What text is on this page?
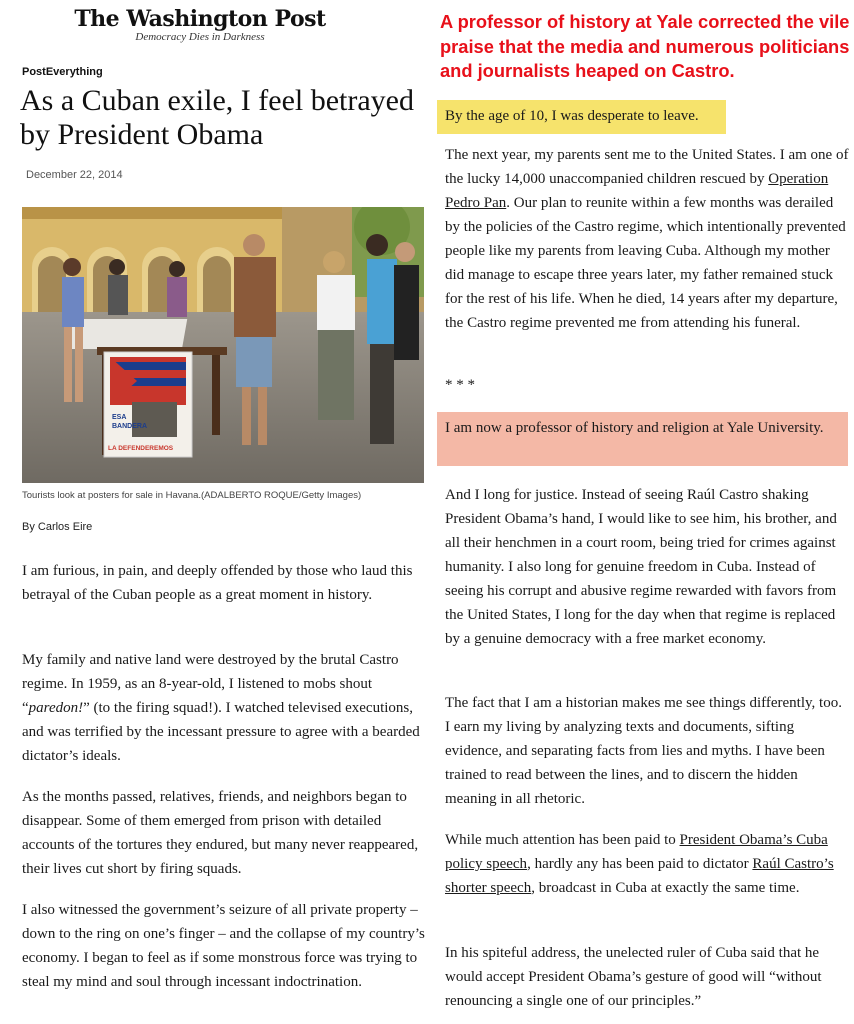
The Washington Post
Democracy Dies in Darkness
PostEverything
As a Cuban exile, I feel betrayed by President Obama
December 22, 2014
ESA
BANDERA
LA DEFENDEREMOS
Tourists look at posters for sale in Havana.(ADALBERTO ROQUE/Getty Images)
By Carlos Eire

I am furious, in pain, and deeply offended by those who laud this betrayal of the Cuban people as a great moment in history.

My family and native land were destroyed by the brutal Castro regime. In 1959, as an 8-year-old, I listened to mobs shout “paredon!” (to the firing squad!). I watched televised executions, and was terrified by the incessant pressure to agree with a bearded dictator’s ideals.

As the months passed, relatives, friends, and neighbors began to disappear. Some of them emerged from prison with detailed accounts of the tortures they endured, but many never reappeared, their lives cut short by firing squads.

I also witnessed the government’s seizure of all private property – down to the ring on one’s finger – and the collapse of my country’s economy. I began to feel as if some monstrous force was trying to steal my mind and soul through incessant indoctrination.

A professor of history at Yale corrected the vile praise that the media and numerous politicians and journalists heaped on Castro.

By the age of 10, I was desperate to leave.

The next year, my parents sent me to the United States. I am one of the lucky 14,000 unaccompanied children rescued by Operation Pedro Pan. Our plan to reunite within a few months was derailed by the policies of the Castro regime, which intentionally prevented people like my parents from leaving Cuba. Although my mother did manage to escape three years later, my father remained stuck for the rest of his life. When he died, 14 years after my departure, the Castro regime prevented me from attending his funeral.

* * *

I am now a professor of history and religion at Yale University.

And I long for justice. Instead of seeing Raúl Castro shaking President Obama’s hand, I would like to see him, his brother, and all their henchmen in a court room, being tried for crimes against humanity. I also long for genuine freedom in Cuba. Instead of seeing his corrupt and abusive regime rewarded with favors from the United States, I long for the day when that regime is replaced by a genuine democracy with a free market economy.

The fact that I am a historian makes me see things differently, too. I earn my living by analyzing texts and documents, sifting evidence, and separating facts from lies and myths. I have been trained to read between the lines, and to discern the hidden meaning in all rhetoric.

While much attention has been paid to President Obama’s Cuba policy speech, hardly any has been paid to dictator Raúl Castro’s shorter speech, broadcast in Cuba at exactly the same time.

In his spiteful address, the unelected ruler of Cuba said that he would accept President Obama’s gesture of good will “without renouncing a single one of our principles.”
